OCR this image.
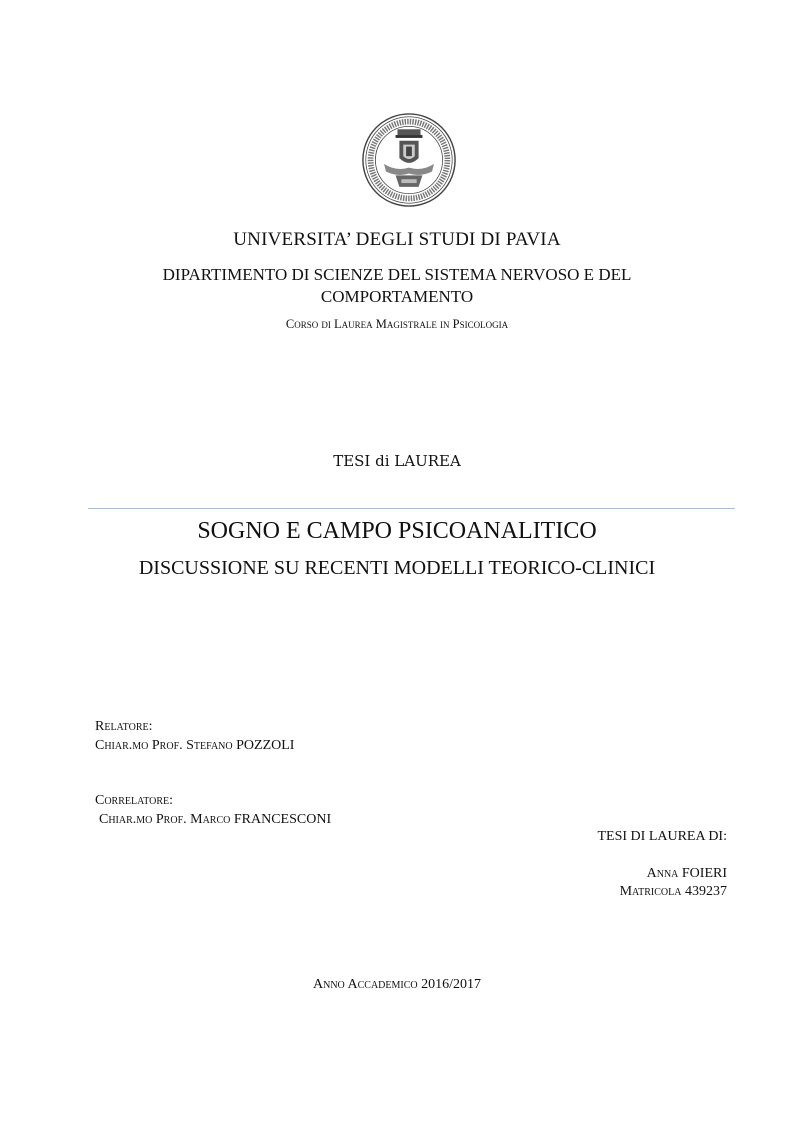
UNIVERSITA’ DEGLI STUDI DI PAVIA
DIPARTIMENTO DI SCIENZE DEL SISTEMA NERVOSO E DEL
COMPORTAMENTO
Corso di Laurea Magistrale in Psicologia
TESI di LAUREA
SOGNO E CAMPO PSICOANALITICO
DISCUSSIONE SU RECENTI MODELLI TEORICO-CLINICI
Relatore:
Chiar.mo Prof. Stefano POZZOLI
Correlatore:
Chiar.mo Prof. Marco FRANCESCONI
TESI DI LAUREA DI:
Anna FOIERI
Matricola 439237
Anno Accademico 2016/2017
